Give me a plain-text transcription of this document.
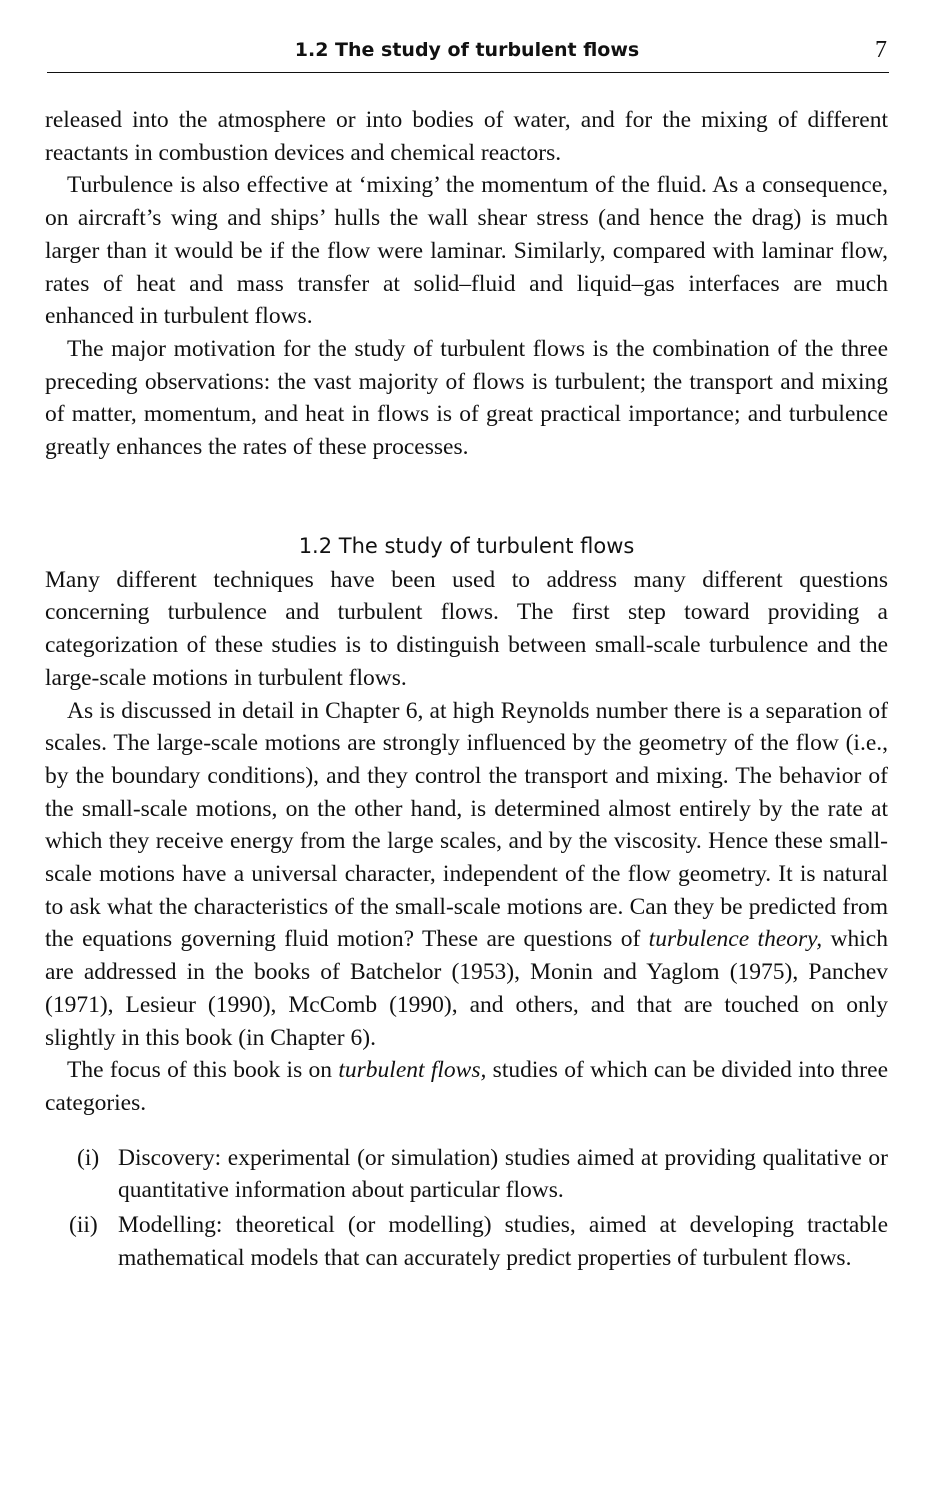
1.2 The study of turbulent flows	7

released into the atmosphere or into bodies of water, and for the mixing of different reactants in combustion devices and chemical reactors.

Turbulence is also effective at ‘mixing’ the momentum of the fluid. As a consequence, on aircraft’s wing and ships’ hulls the wall shear stress (and hence the drag) is much larger than it would be if the flow were laminar. Similarly, compared with laminar flow, rates of heat and mass transfer at solid–fluid and liquid–gas interfaces are much enhanced in turbulent flows.

The major motivation for the study of turbulent flows is the combination of the three preceding observations: the vast majority of flows is turbulent; the transport and mixing of matter, momentum, and heat in flows is of great practical importance; and turbulence greatly enhances the rates of these processes.

1.2 The study of turbulent flows

Many different techniques have been used to address many different questions concerning turbulence and turbulent flows. The first step toward providing a categorization of these studies is to distinguish between small-scale turbulence and the large-scale motions in turbulent flows.

As is discussed in detail in Chapter 6, at high Reynolds number there is a separation of scales. The large-scale motions are strongly influenced by the geometry of the flow (i.e., by the boundary conditions), and they control the transport and mixing. The behavior of the small-scale motions, on the other hand, is determined almost entirely by the rate at which they receive energy from the large scales, and by the viscosity. Hence these small-scale motions have a universal character, independent of the flow geometry. It is natural to ask what the characteristics of the small-scale motions are. Can they be predicted from the equations governing fluid motion? These are questions of turbulence theory, which are addressed in the books of Batchelor (1953), Monin and Yaglom (1975), Panchev (1971), Lesieur (1990), McComb (1990), and others, and that are touched on only slightly in this book (in Chapter 6).

The focus of this book is on turbulent flows, studies of which can be divided into three categories.

(i) Discovery: experimental (or simulation) studies aimed at providing qualitative or quantitative information about particular flows.
(ii) Modelling: theoretical (or modelling) studies, aimed at developing tractable mathematical models that can accurately predict properties of turbulent flows.
